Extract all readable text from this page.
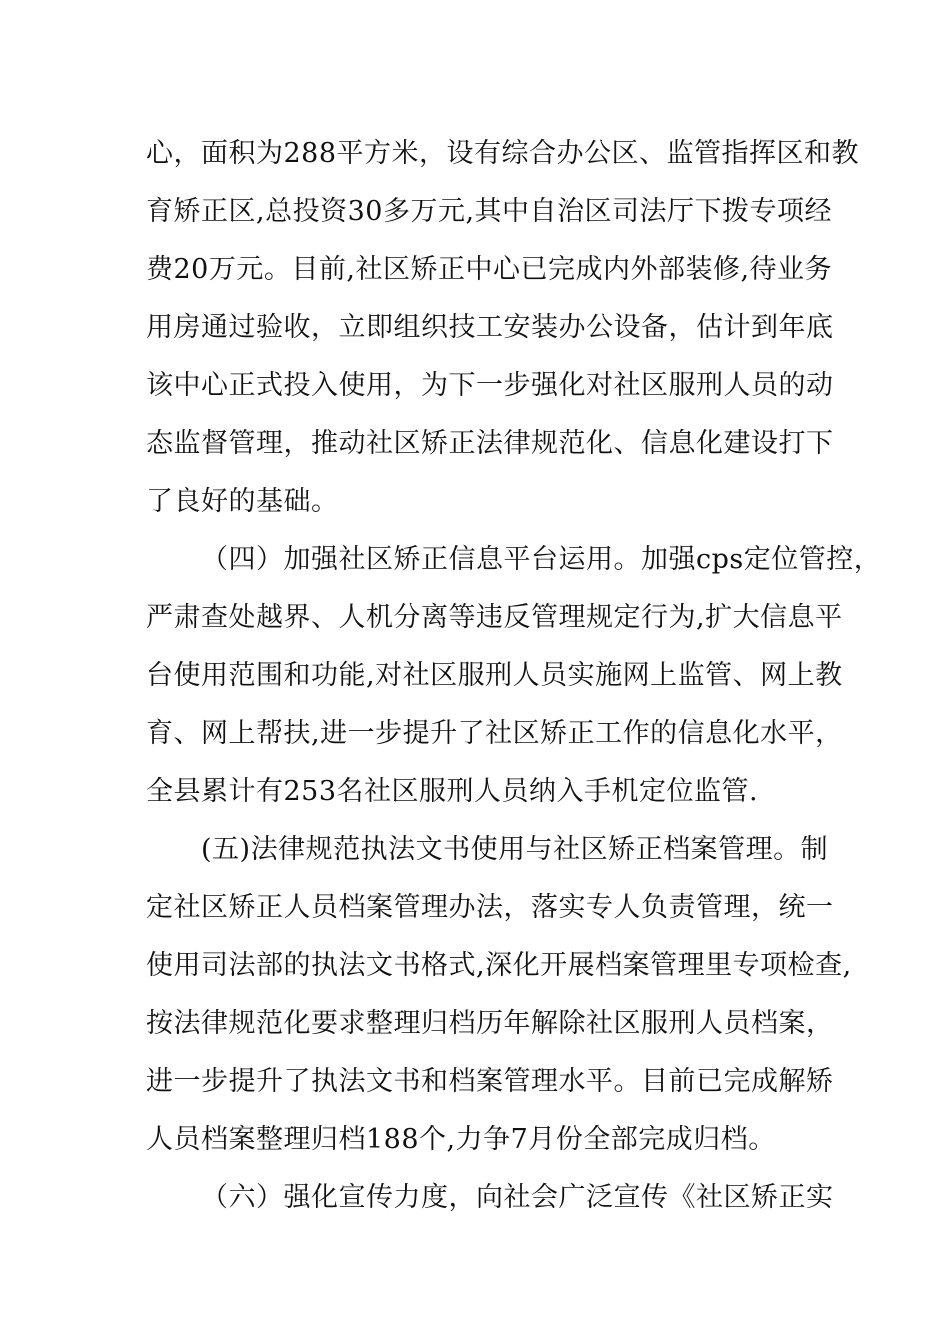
心，面积为288平方米，设有综合办公区、监管指挥区和教
育矫正区,总投资30多万元,其中自治区司法厅下拨专项经
费20万元。目前,社区矫正中心已完成内外部装修,待业务
用房通过验收，立即组织技工安装办公设备，估计到年底
该中心正式投入使用，为下一步强化对社区服刑人员的动
态监督管理，推动社区矫正法律规范化、信息化建设打下
了良好的基础。
（四）加强社区矫正信息平台运用。加强cps定位管控，
严肃查处越界、人机分离等违反管理规定行为,扩大信息平
台使用范围和功能,对社区服刑人员实施网上监管、网上教
育、网上帮扶,进一步提升了社区矫正工作的信息化水平，
全县累计有253名社区服刑人员纳入手机定位监管.
(五)法律规范执法文书使用与社区矫正档案管理。制
定社区矫正人员档案管理办法，落实专人负责管理，统一
使用司法部的执法文书格式,深化开展档案管理里专项检查,
按法律规范化要求整理归档历年解除社区服刑人员档案，
进一步提升了执法文书和档案管理水平。目前已完成解矫
人员档案整理归档188个,力争7月份全部完成归档。
（六）强化宣传力度，向社会广泛宣传《社区矫正实
